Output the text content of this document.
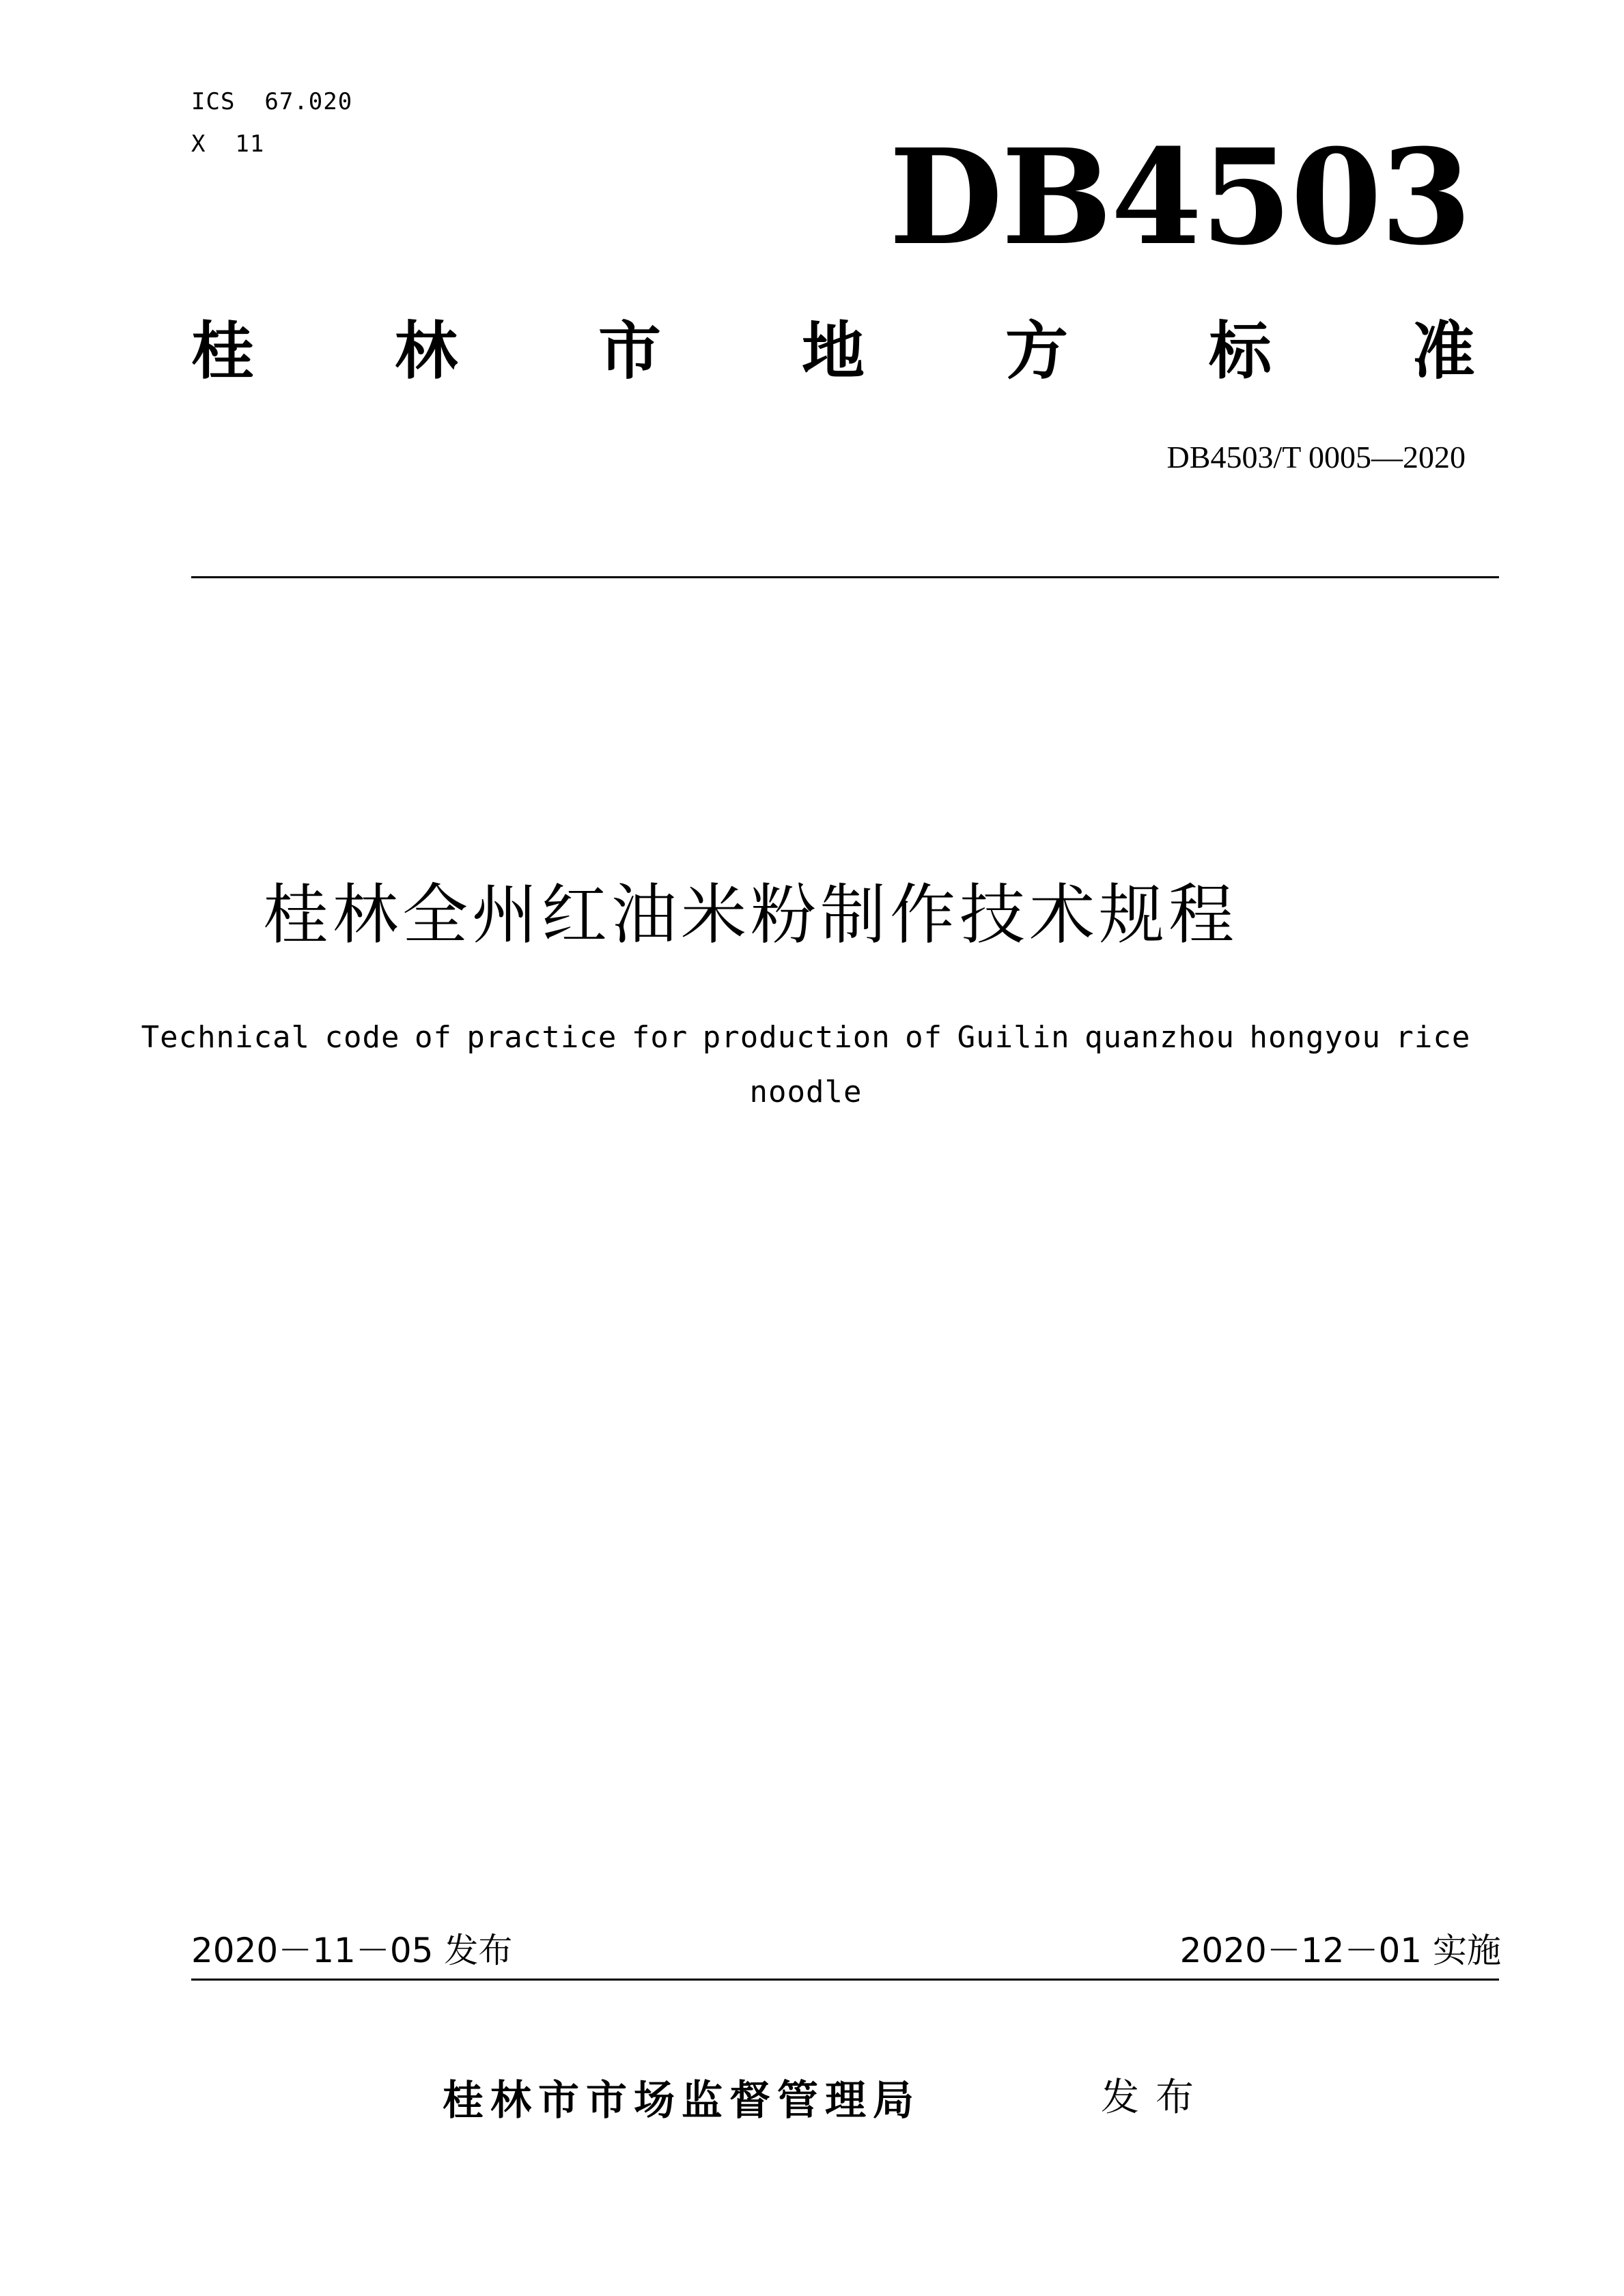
ICS  67.020
X  11	DB4503
桂 林 市 地 方 标 准
DB4503/T 0005—2020
桂林全州红油米粉制作技术规程
Technical code of practice for production of Guilin quanzhou hongyou rice
noodle
2020－11－05 发布	2020－12－01 实施
桂林市市场监督管理局	发布
